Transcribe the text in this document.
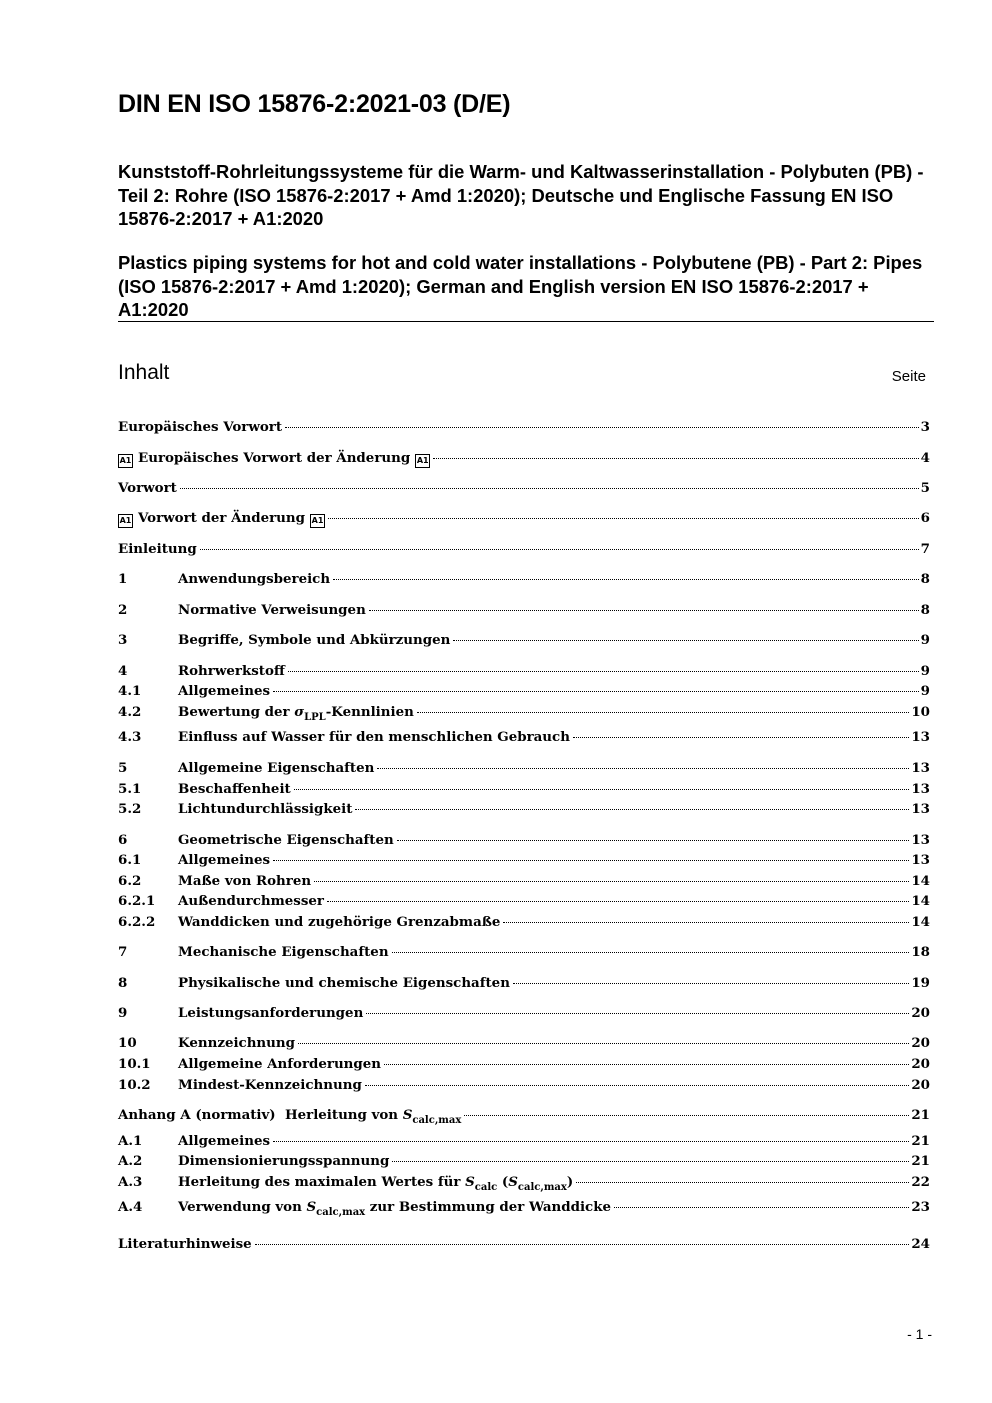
DIN EN ISO 15876-2:2021-03 (D/E)
Kunststoff-Rohrleitungssysteme für die Warm- und Kaltwasserinstallation - Polybuten (PB) - Teil 2: Rohre (ISO 15876-2:2017 + Amd 1:2020); Deutsche und Englische Fassung EN ISO 15876-2:2017 + A1:2020
Plastics piping systems for hot and cold water installations - Polybutene (PB) - Part 2: Pipes (ISO 15876-2:2017 + Amd 1:2020); German and English version EN ISO 15876-2:2017 + A1:2020
Inhalt	Seite
Europäisches Vorwort	3
A1 Europäisches Vorwort der Änderung A1	4
Vorwort	5
A1 Vorwort der Änderung A1	6
Einleitung	7
1	Anwendungsbereich	8
2	Normative Verweisungen	8
3	Begriffe, Symbole und Abkürzungen	9
4	Rohrwerkstoff	9
4.1	Allgemeines	9
4.2	Bewertung der $\sigma_{LPL}$-Kennlinien	10
4.3	Einfluss auf Wasser für den menschlichen Gebrauch	13
5	Allgemeine Eigenschaften	13
5.1	Beschaffenheit	13
5.2	Lichtundurchlässigkeit	13
6	Geometrische Eigenschaften	13
6.1	Allgemeines	13
6.2	Maße von Rohren	14
6.2.1	Außendurchmesser	14
6.2.2	Wanddicken und zugehörige Grenzabmaße	14
7	Mechanische Eigenschaften	18
8	Physikalische und chemische Eigenschaften	19
9	Leistungsanforderungen	20
10	Kennzeichnung	20
10.1	Allgemeine Anforderungen	20
10.2	Mindest-Kennzeichnung	20
Anhang A (normativ)  Herleitung von $S_{calc,max}$	21
A.1	Allgemeines	21
A.2	Dimensionierungsspannung	21
A.3	Herleitung des maximalen Wertes für $S_{calc}$ $(S_{calc,max})$	22
A.4	Verwendung von $S_{calc,max}$ zur Bestimmung der Wanddicke	23
Literaturhinweise	24
- 1 -
